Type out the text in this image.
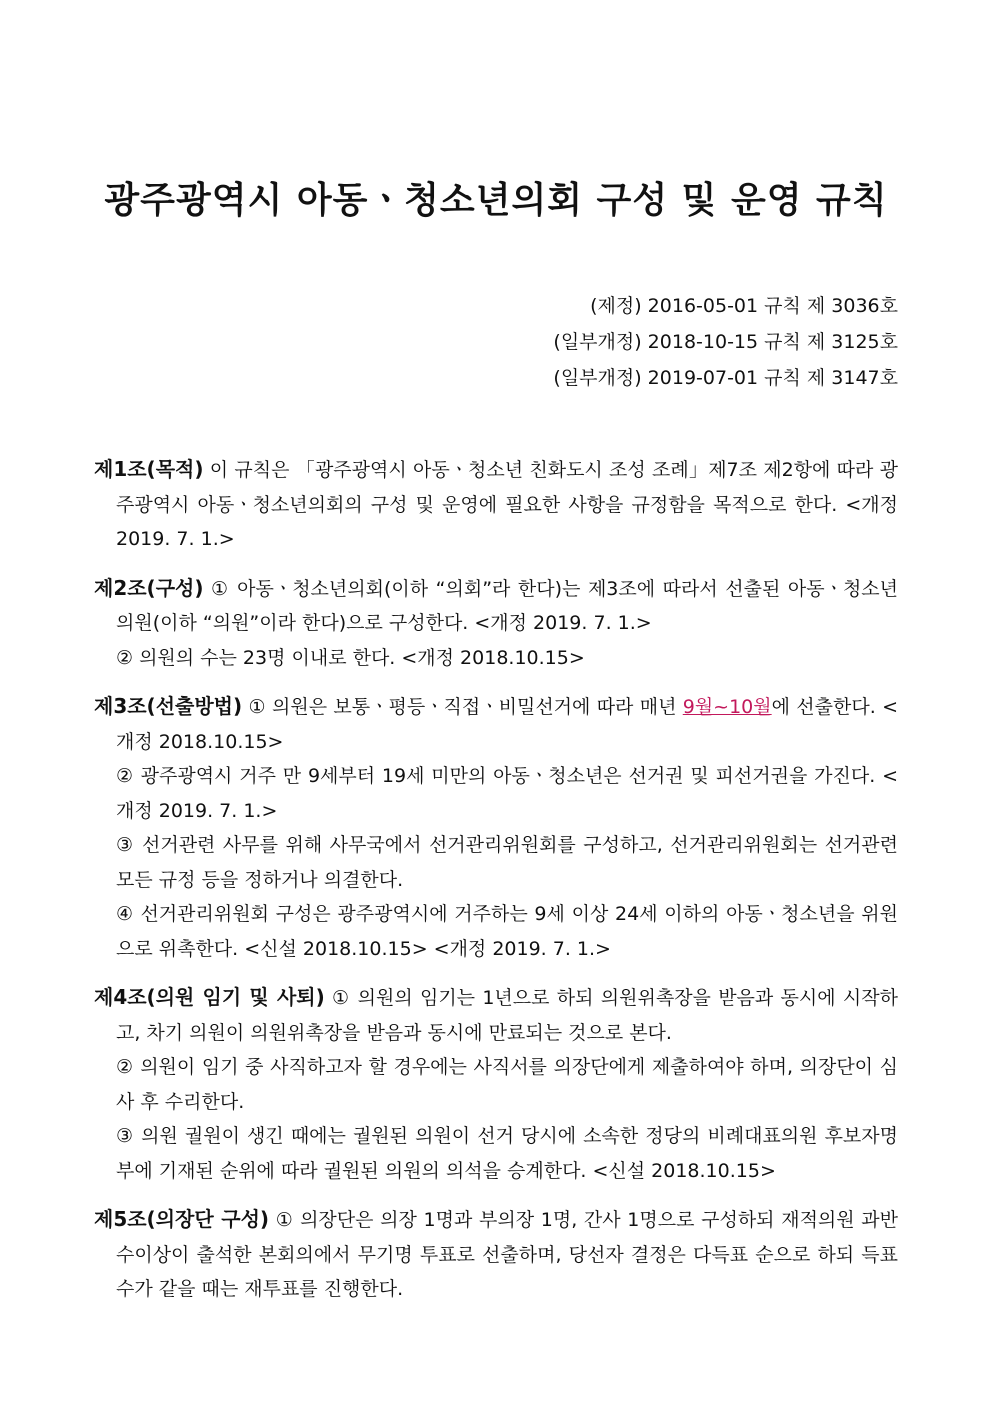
광주광역시 아동ㆍ청소년의회 구성 및 운영 규칙
(제정) 2016-05-01 규칙 제 3036호
(일부개정) 2018-10-15 규칙 제 3125호
(일부개정) 2019-07-01 규칙 제 3147호
제1조(목적) 이 규칙은 「광주광역시 아동ㆍ청소년 친화도시 조성 조례」제7조 제2항에 따라 광주광역시 아동ㆍ청소년의회의 구성 및 운영에 필요한 사항을 규정함을 목적으로 한다. <개정 2019. 7. 1.>
제2조(구성) ① 아동ㆍ청소년의회(이하 “의회”라 한다)는 제3조에 따라서 선출된 아동ㆍ청소년의원(이하 “의원”이라 한다)으로 구성한다. <개정 2019. 7. 1.>
② 의원의 수는 23명 이내로 한다. <개정 2018.10.15>
제3조(선출방법) ① 의원은 보통ㆍ평등ㆍ직접ㆍ비밀선거에 따라 매년 9월~10월에 선출한다. <개정 2018.10.15>
② 광주광역시 거주 만 9세부터 19세 미만의 아동ㆍ청소년은 선거권 및 피선거권을 가진다. <개정 2019. 7. 1.>
③ 선거관련 사무를 위해 사무국에서 선거관리위원회를 구성하고, 선거관리위원회는 선거관련 모든 규정 등을 정하거나 의결한다.
④ 선거관리위원회 구성은 광주광역시에 거주하는 9세 이상 24세 이하의 아동ㆍ청소년을 위원으로 위촉한다. <신설 2018.10.15> <개정 2019. 7. 1.>
제4조(의원 임기 및 사퇴) ① 의원의 임기는 1년으로 하되 의원위촉장을 받음과 동시에 시작하고, 차기 의원이 의원위촉장을 받음과 동시에 만료되는 것으로 본다.
② 의원이 임기 중 사직하고자 할 경우에는 사직서를 의장단에게 제출하여야 하며, 의장단이 심사 후 수리한다.
③ 의원 궐원이 생긴 때에는 궐원된 의원이 선거 당시에 소속한 정당의 비례대표의원 후보자명부에 기재된 순위에 따라 궐원된 의원의 의석을 승계한다. <신설 2018.10.15>
제5조(의장단 구성) ① 의장단은 의장 1명과 부의장 1명, 간사 1명으로 구성하되 재적의원 과반수이상이 출석한 본회의에서 무기명 투표로 선출하며, 당선자 결정은 다득표 순으로 하되 득표수가 같을 때는 재투표를 진행한다.
